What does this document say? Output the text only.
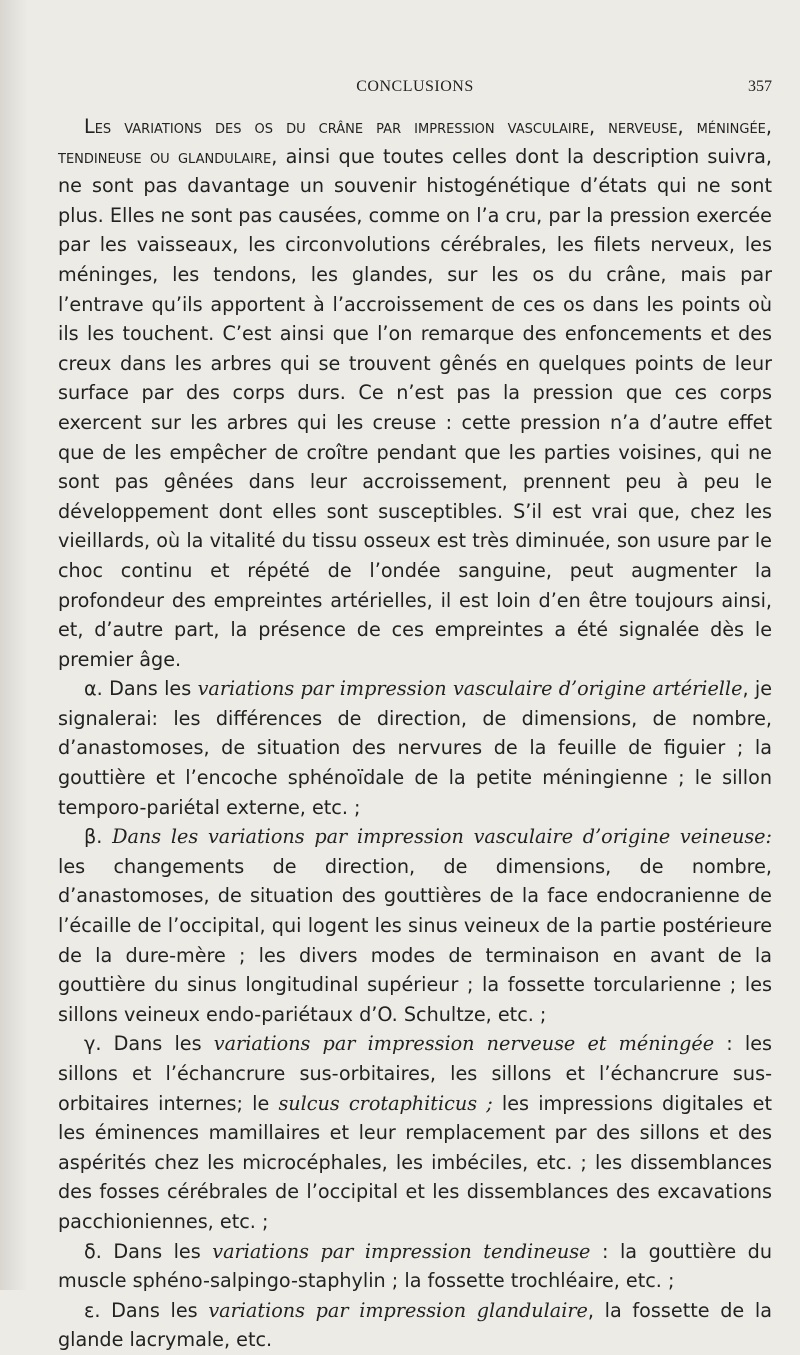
CONCLUSIONS	357

Les variations des os du crâne par impression vasculaire, nerveuse, méningée, tendineuse ou glandulaire, ainsi que toutes celles dont la description suivra, ne sont pas davantage un souvenir histogénétique d’états qui ne sont plus. Elles ne sont pas causées, comme on l’a cru, par la pression exercée par les vaisseaux, les circonvolutions cérébrales, les filets nerveux, les méninges, les tendons, les glandes, sur les os du crâne, mais par l’entrave qu’ils apportent à l’accroissement de ces os dans les points où ils les touchent. C’est ainsi que l’on remarque des enfoncements et des creux dans les arbres qui se trouvent gênés en quelques points de leur surface par des corps durs. Ce n’est pas la pression que ces corps exercent sur les arbres qui les creuse : cette pression n’a d’autre effet que de les empêcher de croître pendant que les parties voisines, qui ne sont pas gênées dans leur accroissement, prennent peu à peu le développement dont elles sont susceptibles. S’il est vrai que, chez les vieillards, où la vitalité du tissu osseux est très diminuée, son usure par le choc continu et répété de l’ondée sanguine, peut augmenter la profondeur des empreintes artérielles, il est loin d’en être toujours ainsi, et, d’autre part, la présence de ces empreintes a été signalée dès le premier âge.

α. Dans les variations par impression vasculaire d’origine artérielle, je signalerai: les différences de direction, de dimensions, de nombre, d’anastomoses, de situation des nervures de la feuille de figuier ; la gouttière et l’encoche sphénoïdale de la petite méningienne ; le sillon temporo-pariétal externe, etc. ;

β. Dans les variations par impression vasculaire d’origine veineuse: les changements de direction, de dimensions, de nombre, d’anastomoses, de situation des gouttières de la face endocranienne de l’écaille de l’occipital, qui logent les sinus veineux de la partie postérieure de la dure-mère ; les divers modes de terminaison en avant de la gouttière du sinus longitudinal supérieur ; la fossette torcularienne ; les sillons veineux endo-pariétaux d’O. Schultze, etc. ;

γ. Dans les variations par impression nerveuse et méningée : les sillons et l’échancrure sus-orbitaires, les sillons et l’échancrure sus-orbitaires internes; le sulcus crotaphiticus ; les impressions digitales et les éminences mamillaires et leur remplacement par des sillons et des aspérités chez les microcéphales, les imbéciles, etc. ; les dissemblances des fosses cérébrales de l’occipital et les dissemblances des excavations pacchioniennes, etc. ;

δ. Dans les variations par impression tendineuse : la gouttière du muscle sphéno-salpingo-staphylin ; la fossette trochléaire, etc. ;

ε. Dans les variations par impression glandulaire, la fossette de la glande lacrymale, etc.
